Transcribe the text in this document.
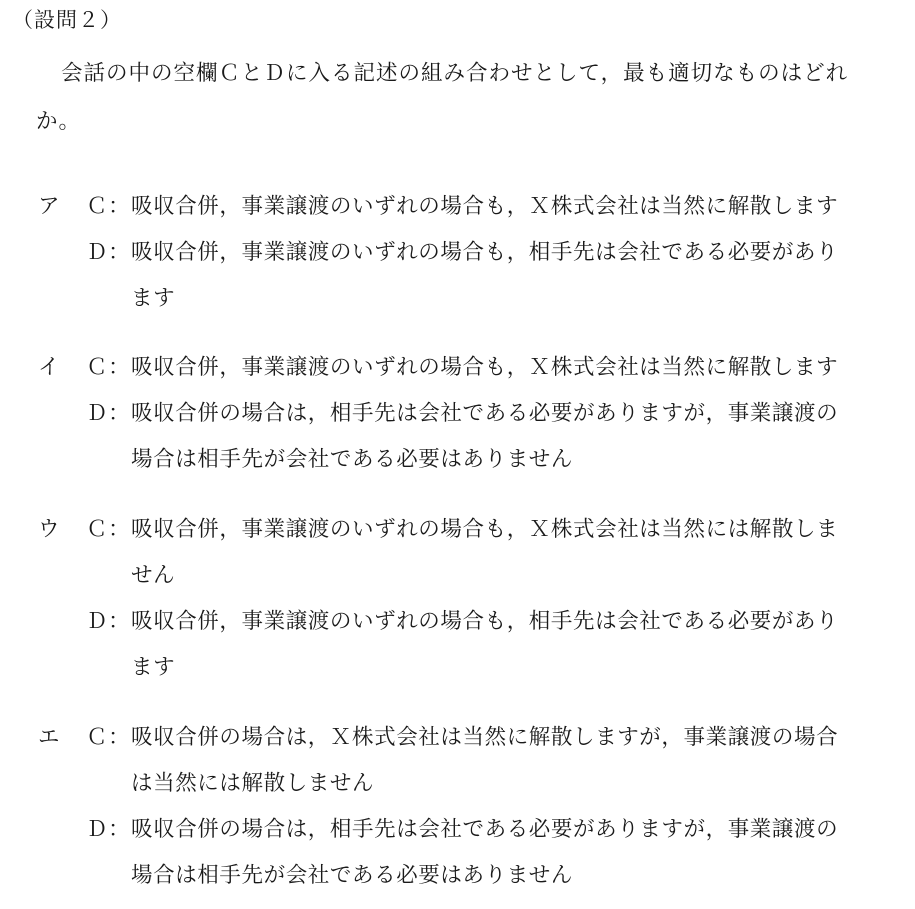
（設問２）
会話の中の空欄ＣとＤに入る記述の組み合わせとして，最も適切なものはどれか。
ア Ｃ：吸収合併，事業譲渡のいずれの場合も，Ｘ株式会社は当然に解散します
Ｄ：吸収合併，事業譲渡のいずれの場合も，相手先は会社である必要があり
ます
イ Ｃ：吸収合併，事業譲渡のいずれの場合も，Ｘ株式会社は当然に解散します
Ｄ：吸収合併の場合は，相手先は会社である必要がありますが，事業譲渡の
場合は相手先が会社である必要はありません
ウ Ｃ：吸収合併，事業譲渡のいずれの場合も，Ｘ株式会社は当然には解散しま
せん
Ｄ：吸収合併，事業譲渡のいずれの場合も，相手先は会社である必要があり
ます
エ Ｃ：吸収合併の場合は，Ｘ株式会社は当然に解散しますが，事業譲渡の場合
は当然には解散しません
Ｄ：吸収合併の場合は，相手先は会社である必要がありますが，事業譲渡の
場合は相手先が会社である必要はありません
